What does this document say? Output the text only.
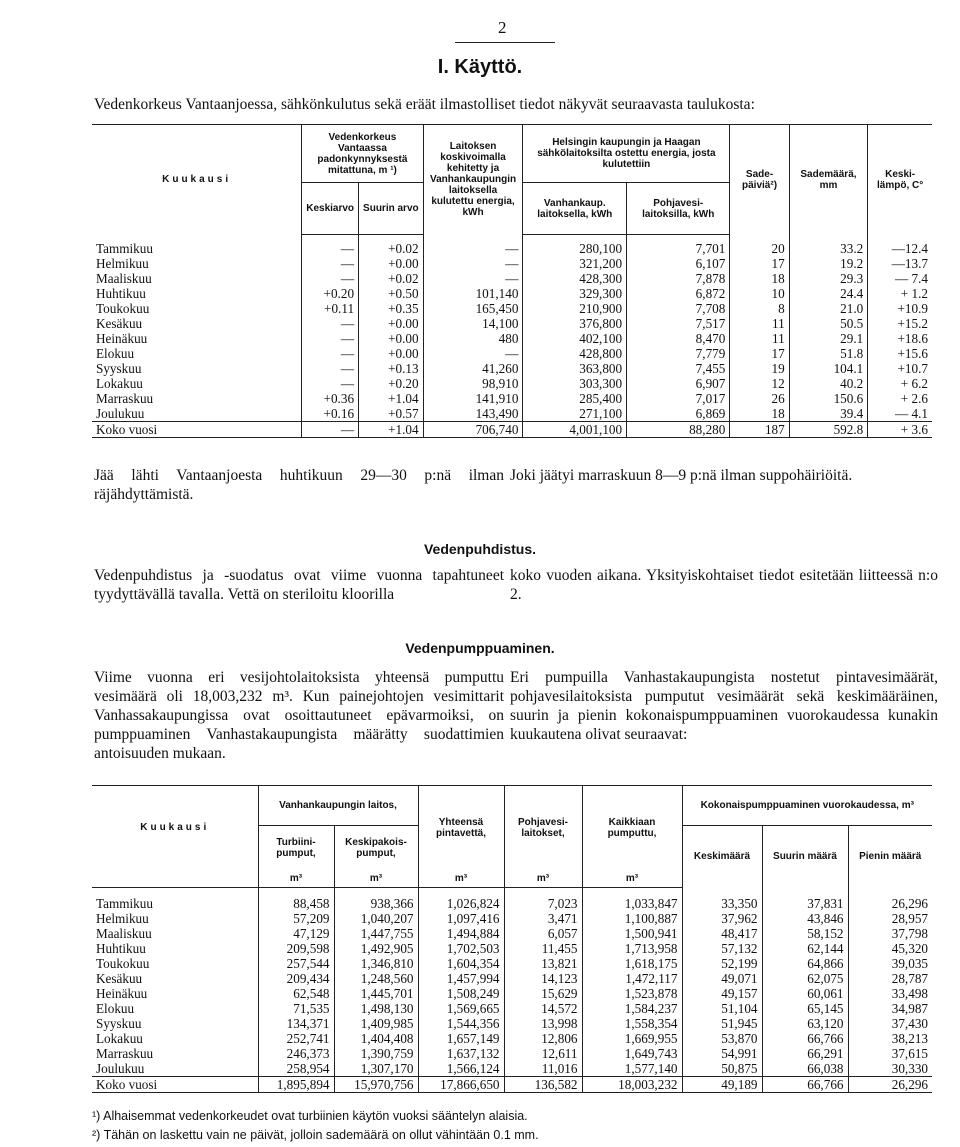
2
I. Käyttö.
Vedenkorkeus Vantaanjoessa, sähkönkulutus sekä eräät ilmastolliset tiedot näkyvät seuraavasta taulukosta:
Kuukausi	Vedenkorkeus Vantaassa padonkynnyksestä mitattuna, m ¹)		Laitoksen koskivoimalla kehitetty ja Vanhankaupungin laitoksella kulutettu energia, kWh	Helsingin kaupungin ja Haagan sähkölaitoksilta ostettu energia, josta kulutettiin		Sadepäiviä²)	Sademäärä, mm	Keskilämpö, C°
	Keskiarvo	Suurin arvo		Vanhankaup. laitoksella, kWh	Pohjavesilaitoksilla, kWh			

Tammikuu	—	+0.02	—	280,100	7,701	20	33.2	—12.4
Helmikuu	—	+0.00	—	321,200	6,107	17	19.2	—13.7
Maaliskuu	—	+0.02	—	428,300	7,878	18	29.3	— 7.4
Huhtikuu	+0.20	+0.50	101,140	329,300	6,872	10	24.4	+ 1.2
Toukokuu	+0.11	+0.35	165,450	210,900	7,708	8	21.0	+10.9
Kesäkuu	—	+0.00	14,100	376,800	7,517	11	50.5	+15.2
Heinäkuu	—	+0.00	480	402,100	8,470	11	29.1	+18.6
Elokuu	—	+0.00	—	428,800	7,779	17	51.8	+15.6
Syyskuu	—	+0.13	41,260	363,800	7,455	19	104.1	+10.7
Lokakuu	—	+0.20	98,910	303,300	6,907	12	40.2	+ 6.2
Marraskuu	+0.36	+1.04	141,910	285,400	7,017	26	150.6	+ 2.6
Joulukuu	+0.16	+0.57	143,490	271,100	6,869	18	39.4	— 4.1
Koko vuosi	—	+1.04	706,740	4,001,100	88,280	187	592.8	+ 3.6
Jää lähti Vantaanjoesta huhtikuun 29—30 p:nä ilman räjähdyttämistä.
Joki jäätyi marraskuun 8—9 p:nä ilman suppohäiriöitä.
Vedenpuhdistus.
Vedenpuhdistus ja -suodatus ovat viime vuonna tapahtuneet tyydyttävällä tavalla. Vettä on steriloitu kloorilla
koko vuoden aikana. Yksityiskohtaiset tiedot esitetään liitteessä n:o 2.
Vedenpumppuaminen.
Viime vuonna eri vesijohtolaitoksista yhteensä pumputtu vesimäärä oli 18,003,232 m³. Kun painejohtojen vesimittarit Vanhassakaupungissa ovat osoittautuneet epävarmoiksi, on pumppuaminen Vanhastakaupungista määrätty suodattimien antoisuuden mukaan.
Eri pumpuilla Vanhastakaupungista nostetut pintavesimäärät, pohjavesilaitoksista pumputut vesimäärät sekä keskimääräinen, suurin ja pienin kokonaispumppuaminen vuorokaudessa kunakin kuukautena olivat seuraavat:
Kuukausi	Vanhankaupungin laitos,		Yhteensä pintavettä,	Pohjavesilaitokset,	Kaikkiaan pumputtu,	Kokonaispumppuaminen vuorokaudessa, m³		
	Turbiinipumput,	Keskipakoispumput,				Keskimäärä	Suurin määrä	Pienin määrä
	m³	m³	m³	m³	m³			

Tammikuu	88,458	938,366	1,026,824	7,023	1,033,847	33,350	37,831	26,296
Helmikuu	57,209	1,040,207	1,097,416	3,471	1,100,887	37,962	43,846	28,957
Maaliskuu	47,129	1,447,755	1,494,884	6,057	1,500,941	48,417	58,152	37,798
Huhtikuu	209,598	1,492,905	1,702,503	11,455	1,713,958	57,132	62,144	45,320
Toukokuu	257,544	1,346,810	1,604,354	13,821	1,618,175	52,199	64,866	39,035
Kesäkuu	209,434	1,248,560	1,457,994	14,123	1,472,117	49,071	62,075	28,787
Heinäkuu	62,548	1,445,701	1,508,249	15,629	1,523,878	49,157	60,061	33,498
Elokuu	71,535	1,498,130	1,569,665	14,572	1,584,237	51,104	65,145	34,987
Syyskuu	134,371	1,409,985	1,544,356	13,998	1,558,354	51,945	63,120	37,430
Lokakuu	252,741	1,404,408	1,657,149	12,806	1,669,955	53,870	66,766	38,213
Marraskuu	246,373	1,390,759	1,637,132	12,611	1,649,743	54,991	66,291	37,615
Joulukuu	258,954	1,307,170	1,566,124	11,016	1,577,140	50,875	66,038	30,330
Koko vuosi	1,895,894	15,970,756	17,866,650	136,582	18,003,232	49,189	66,766	26,296
¹) Alhaisemmat vedenkorkeudet ovat turbiinien käytön vuoksi sääntelyn alaisia.
²) Tähän on laskettu vain ne päivät, jolloin sademäärä on ollut vähintään 0.1 mm.
